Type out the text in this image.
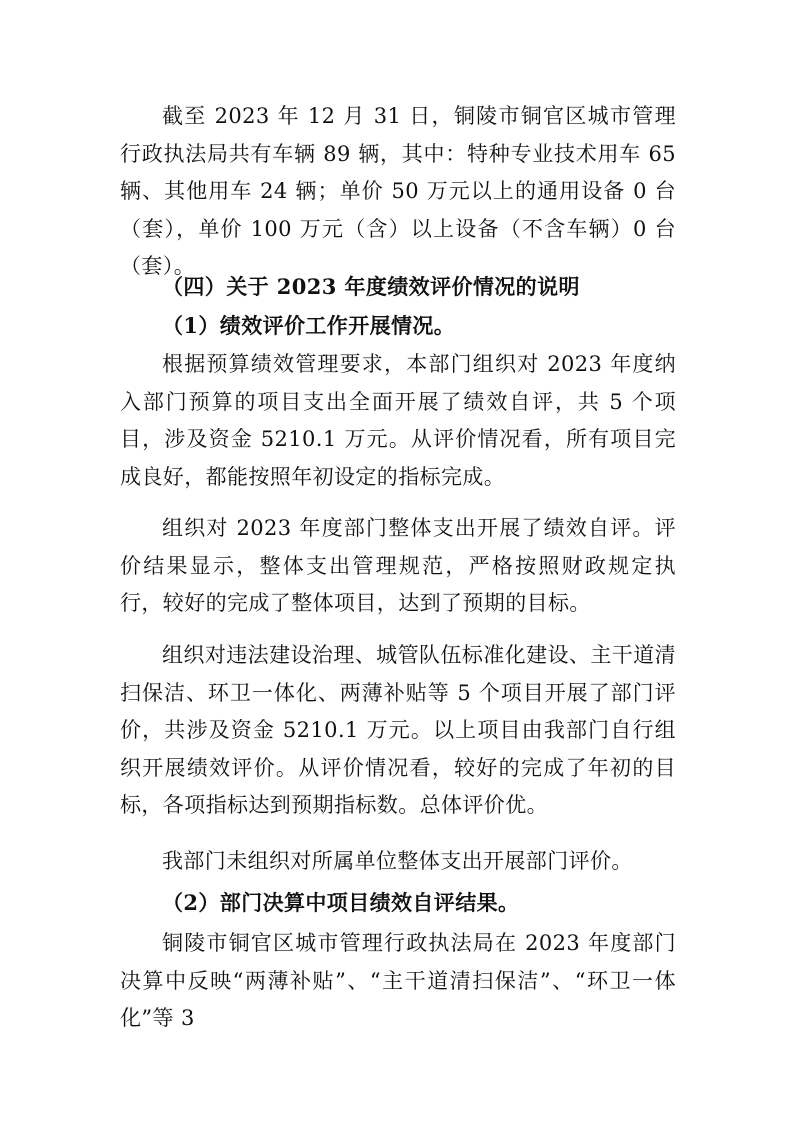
截至 2023 年 12 月 31 日，铜陵市铜官区城市管理行政执法局共有车辆 89 辆，其中：特种专业技术用车 65 辆、其他用车 24 辆；单价 50 万元以上的通用设备 0 台（套），单价 100 万元（含）以上设备（不含车辆）0 台（套）。

（四）关于 2023 年度绩效评价情况的说明

（1）绩效评价工作开展情况。

根据预算绩效管理要求，本部门组织对 2023 年度纳入部门预算的项目支出全面开展了绩效自评，共 5 个项目，涉及资金 5210.1 万元。从评价情况看，所有项目完成良好，都能按照年初设定的指标完成。

组织对 2023 年度部门整体支出开展了绩效自评。评价结果显示，整体支出管理规范，严格按照财政规定执行，较好的完成了整体项目，达到了预期的目标。

组织对违法建设治理、城管队伍标准化建设、主干道清扫保洁、环卫一体化、两薄补贴等 5 个项目开展了部门评价，共涉及资金 5210.1 万元。以上项目由我部门自行组织开展绩效评价。从评价情况看，较好的完成了年初的目标，各项指标达到预期指标数。总体评价优。

我部门未组织对所属单位整体支出开展部门评价。

（2）部门决算中项目绩效自评结果。

铜陵市铜官区城市管理行政执法局在 2023 年度部门决算中反映“两薄补贴”、“主干道清扫保洁”、“环卫一体化”等 3
